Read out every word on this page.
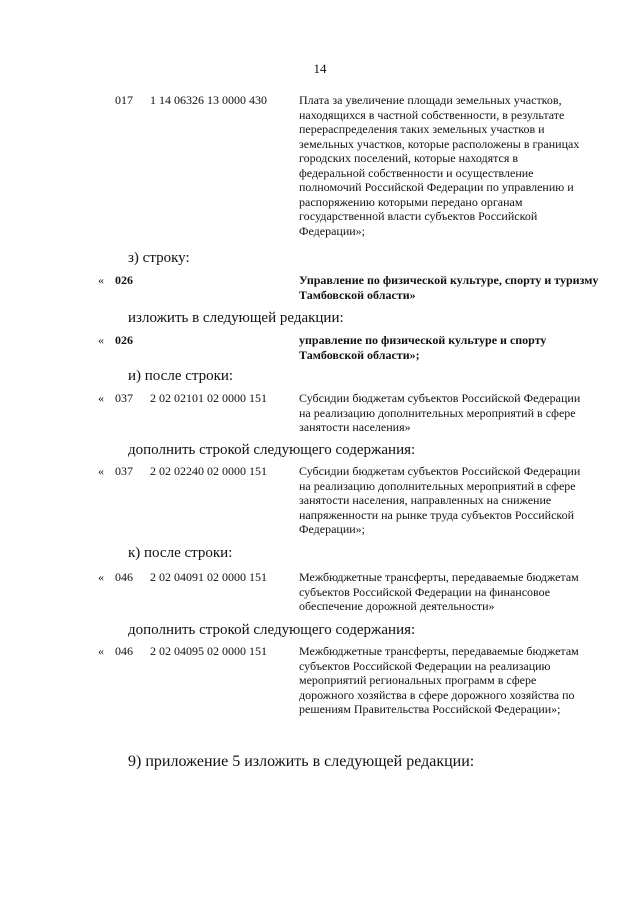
14
017 1 14 06326 13 0000 430	Плата за увеличение площади земельных участков, находящихся в частной собственности, в результате перераспределения таких земельных участков и земельных участков, которые расположены в границах городских поселений, которые находятся в федеральной собственности и осуществление полномочий Российской Федерации по управлению и распоряжению которыми передано органам государственной власти субъектов Российской Федерации»;
з) строку:
« 026	Управление по физической культуре, спорту и туризму Тамбовской области»
изложить в следующей редакции:
« 026	управление по физической культуре и спорту Тамбовской области»;
и) после строки:
« 037 2 02 02101 02 0000 151	Субсидии бюджетам субъектов Российской Федерации на реализацию дополнительных мероприятий в сфере занятости населения»
дополнить строкой следующего содержания:
« 037 2 02 02240 02 0000 151	Субсидии бюджетам субъектов Российской Федерации на реализацию дополнительных мероприятий в сфере занятости населения, направленных на снижение напряженности на рынке труда субъектов Российской Федерации»;
к) после строки:
« 046 2 02 04091 02 0000 151	Межбюджетные трансферты, передаваемые бюджетам субъектов Российской Федерации на финансовое обеспечение дорожной деятельности»
дополнить строкой следующего содержания:
« 046 2 02 04095 02 0000 151	Межбюджетные трансферты, передаваемые бюджетам субъектов Российской Федерации на реализацию мероприятий региональных программ в сфере дорожного хозяйства в сфере дорожного хозяйства по решениям Правительства Российской Федерации»;
9) приложение 5 изложить в следующей редакции:
